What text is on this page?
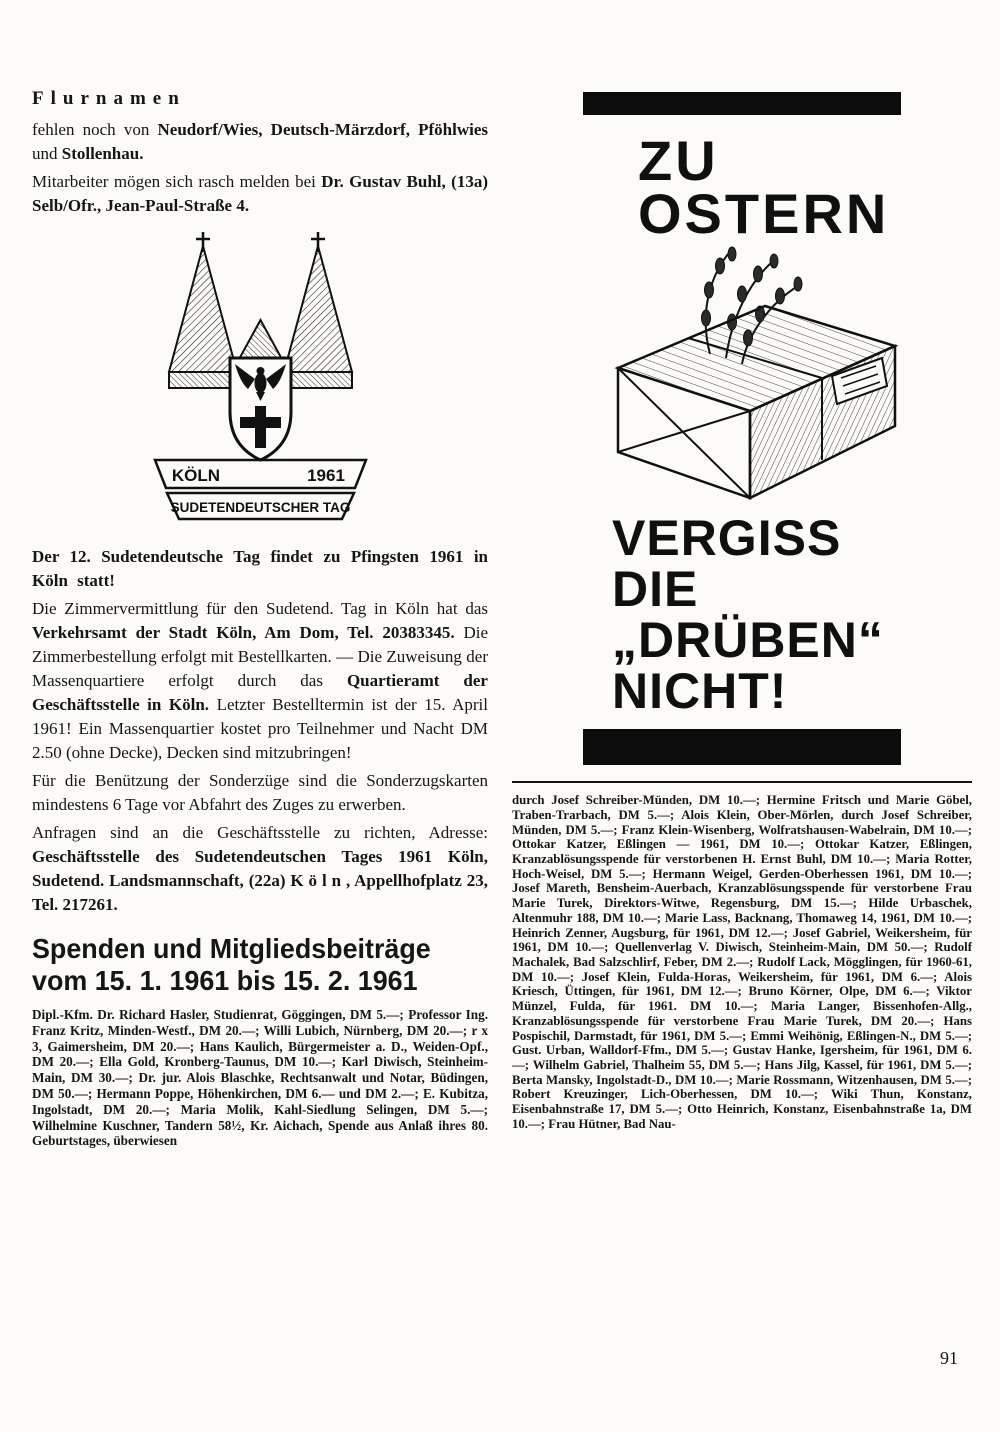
Flurnamen

fehlen noch von Neudorf/Wies, Deutsch-Märzdorf, Pföhlwies und Stollenhau.

Mitarbeiter mögen sich rasch melden bei Dr. Gustav Buhl, (13a) Selb/Ofr., Jean-Paul-Straße 4.

KÖLN	1961
SUDETENDEUTSCHER TAG

Der 12. Sudetendeutsche Tag findet zu Pfingsten 1961 in Köln statt!

Die Zimmervermittlung für den Sudetend. Tag in Köln hat das Verkehrsamt der Stadt Köln, Am Dom, Tel. 20383345. Die Zimmerbestellung erfolgt mit Bestellkarten. — Die Zuweisung der Massenquartiere erfolgt durch das Quartieramt der Geschäftsstelle in Köln. Letzter Bestelltermin ist der 15. April 1961! Ein Massenquartier kostet pro Teilnehmer und Nacht DM 2.50 (ohne Decke), Decken sind mitzubringen!

Für die Benützung der Sonderzüge sind die Sonderzugskarten mindestens 6 Tage vor Abfahrt des Zuges zu erwerben.

Anfragen sind an die Geschäftsstelle zu richten, Adresse: Geschäftsstelle des Sudetendeutschen Tages 1961 Köln, Sudetend. Landsmannschaft, (22a) K ö l n , Appellhofplatz 23, Tel. 217261.

Spenden und Mitgliedsbeiträge
vom 15. 1. 1961 bis 15. 2. 1961

Dipl.-Kfm. Dr. Richard Hasler, Studienrat, Göggingen, DM 5.—; Professor Ing. Franz Kritz, Minden-Westf., DM 20.—; Willi Lubich, Nürnberg, DM 20.—; r x 3, Gaimersheim, DM 20.—; Hans Kaulich, Bürgermeister a. D., Weiden-Opf., DM 20.—; Ella Gold, Kronberg-Taunus, DM 10.—; Karl Diwisch, Steinheim-Main, DM 30.—; Dr. jur. Alois Blaschke, Rechtsanwalt und Notar, Büdingen, DM 50.—; Hermann Poppe, Höhenkirchen, DM 6.— und DM 2.—; E. Kubitza, Ingolstadt, DM 20.—; Maria Molik, Kahl-Siedlung Selingen, DM 5.—; Wilhelmine Kuschner, Tandern 58½, Kr. Aichach, Spende aus Anlaß ihres 80. Geburtstages, überwiesen

ZU
OSTERN
VERGISS
DIE
„DRÜBEN“
NICHT!

durch Josef Schreiber-Münden, DM 10.—; Hermine Fritsch und Marie Göbel, Traben-Trarbach, DM 5.—; Alois Klein, Ober-Mörlen, durch Josef Schreiber, Münden, DM 5.—; Franz Klein-Wisenberg, Wolfratshausen-Wabelrain, DM 10.—; Ottokar Katzer, Eßlingen — 1961, DM 10.—; Ottokar Katzer, Eßlingen, Kranzablösungsspende für verstorbenen H. Ernst Buhl, DM 10.—; Maria Rotter, Hoch-Weisel, DM 5.—; Hermann Weigel, Gerden-Oberhessen 1961, DM 10.—; Josef Mareth, Bensheim-Auerbach, Kranzablösungsspende für verstorbene Frau Marie Turek, Direktors-Witwe, Regensburg, DM 15.—; Hilde Urbaschek, Altenmuhr 188, DM 10.—; Marie Lass, Backnang, Thomaweg 14, 1961, DM 10.—; Heinrich Zenner, Augsburg, für 1961, DM 12.—; Josef Gabriel, Weikersheim, für 1961, DM 10.—; Quellenverlag V. Diwisch, Steinheim-Main, DM 50.—; Rudolf Machalek, Bad Salzschlirf, Feber, DM 2.—; Rudolf Lack, Mögglingen, für 1960-61, DM 10.—; Josef Klein, Fulda-Horas, Weikersheim, für 1961, DM 6.—; Alois Kriesch, Üttingen, für 1961, DM 12.—; Bruno Körner, Olpe, DM 6.—; Viktor Münzel, Fulda, für 1961. DM 10.—; Maria Langer, Bissenhofen-Allg., Kranzablösungsspende für verstorbene Frau Marie Turek, DM 20.—; Hans Pospischil, Darmstadt, für 1961, DM 5.—; Emmi Weihönig, Eßlingen-N., DM 5.—; Gust. Urban, Walldorf-Ffm., DM 5.—; Gustav Hanke, Igersheim, für 1961, DM 6.—; Wilhelm Gabriel, Thalheim 55, DM 5.—; Hans Jilg, Kassel, für 1961, DM 5.—; Berta Mansky, Ingolstadt-D., DM 10.—; Marie Rossmann, Witzenhausen, DM 5.—; Robert Kreuzinger, Lich-Oberhessen, DM 10.—; Wiki Thun, Konstanz, Eisenbahnstraße 17, DM 5.—; Otto Heinrich, Konstanz, Eisenbahnstraße 1a, DM 10.—; Frau Hütner, Bad Nau-

91
